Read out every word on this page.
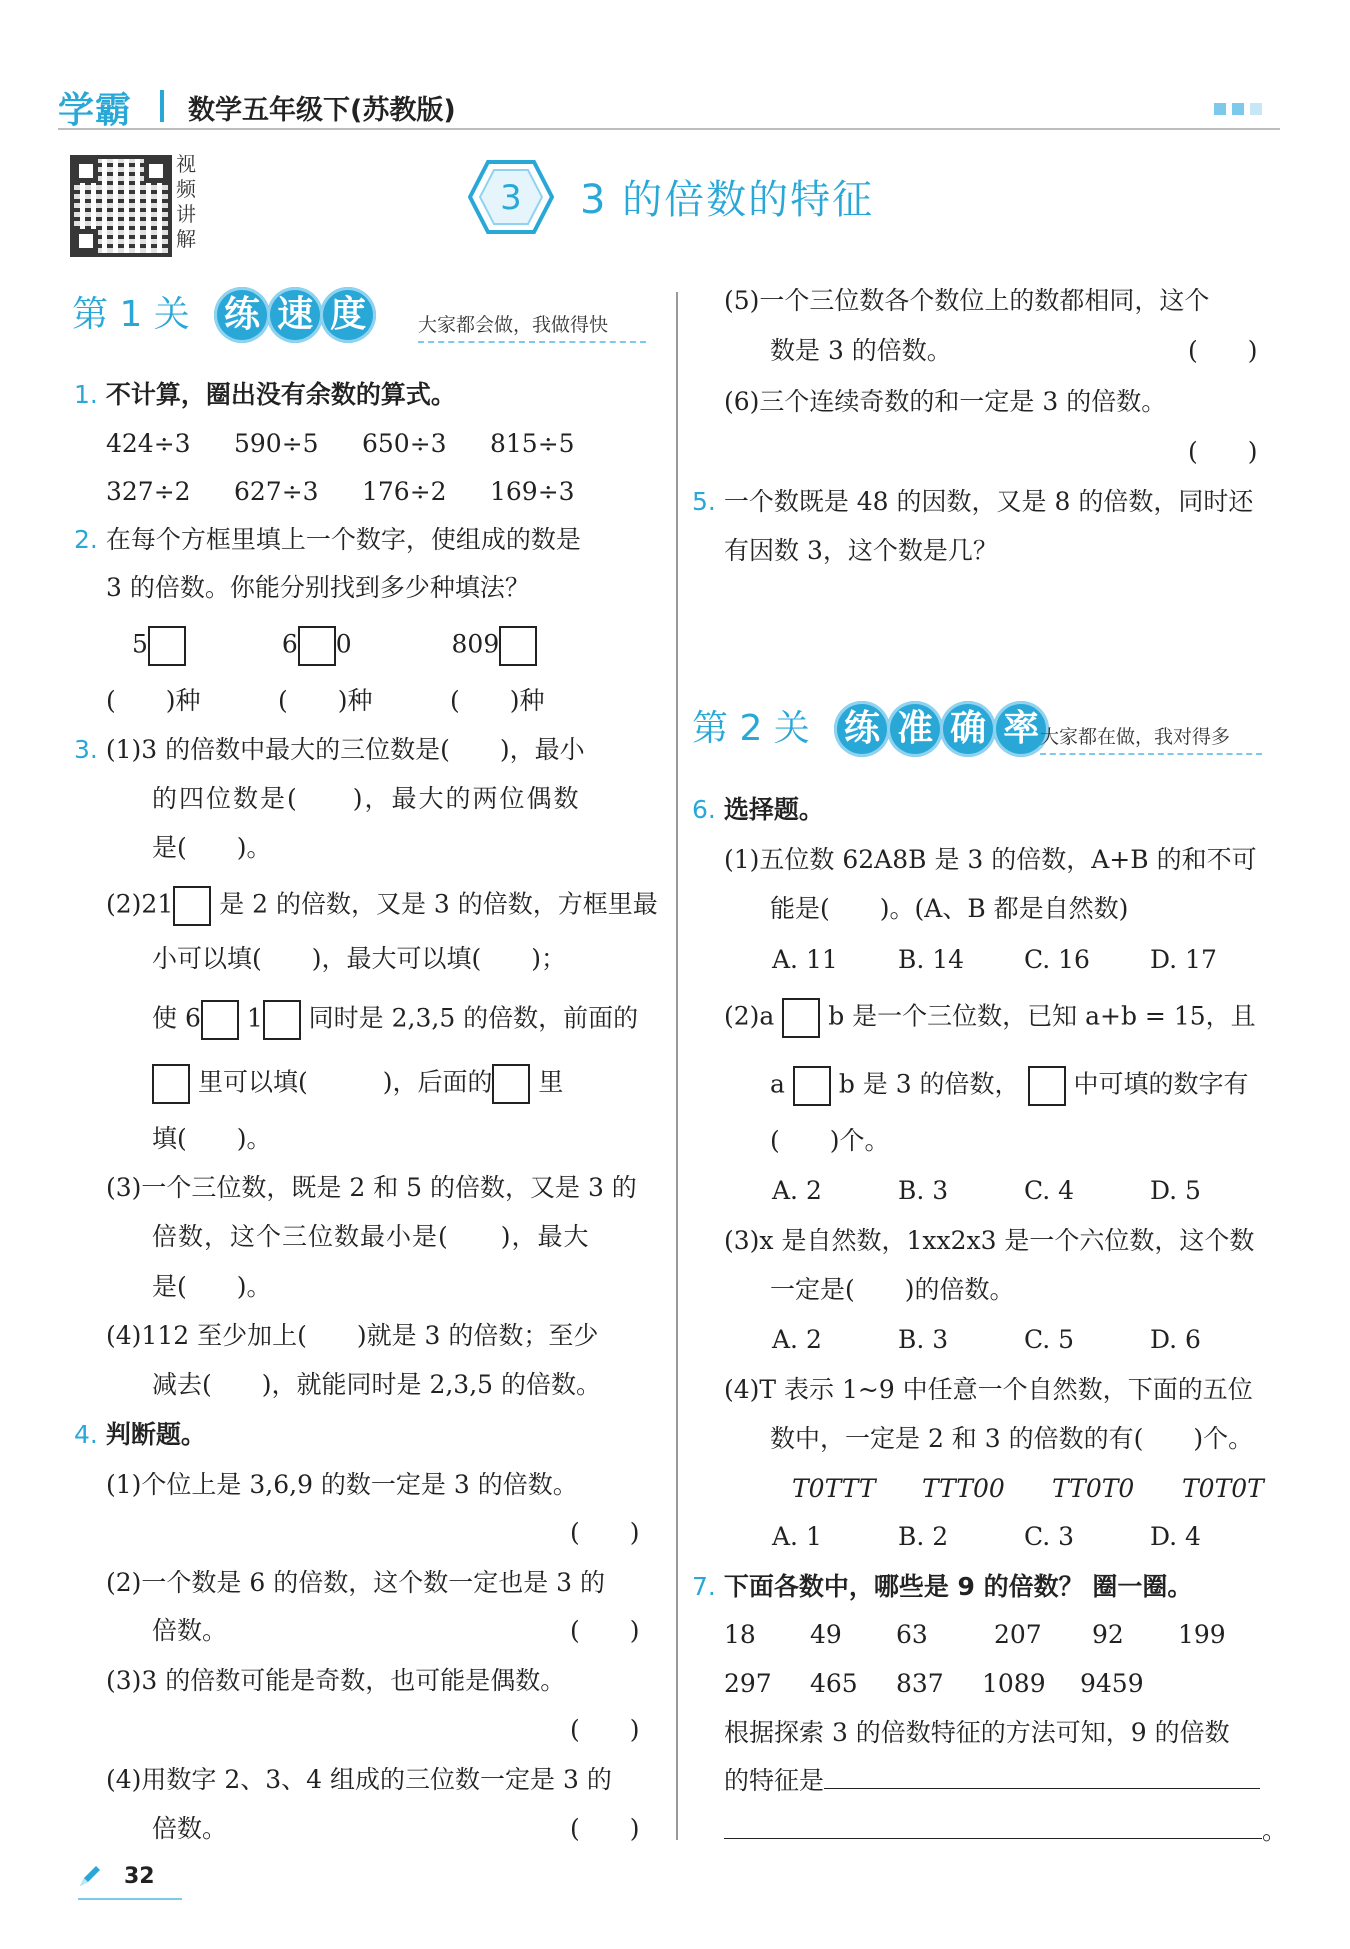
学霸 数学五年级下(苏教版)
视频讲解
3 3 的倍数的特征
第 1 关 练 速 度	大家都会做，我做得快
1. 不计算，圈出没有余数的算式。
424÷3 590÷5 650÷3 815÷5
327÷2 627÷3 176÷2 169÷3
2. 在每个方框里填上一个数字，使组成的数是
3 的倍数。你能分别找到多少种填法？
5	6 0	809
(　　)种	(　　)种	(　　)种
3. (1)3 的倍数中最大的三位数是(　　)，最小
的四位数是(　　)，最大的两位偶数
是(　　)。
(2)21 是 2 的倍数，又是 3 的倍数，方框里最
小可以填(　　)，最大可以填(　　)；
使 6 1 同时是 2,3,5 的倍数，前面的
里可以填(　　　)，后面的 里
填(　　)。
(3)一个三位数，既是 2 和 5 的倍数，又是 3 的
倍数，这个三位数最小是(　　)，最大
是(　　)。
(4)112 至少加上(　　)就是 3 的倍数；至少
减去(　　)，就能同时是 2,3,5 的倍数。
4. 判断题。
(1)个位上是 3,6,9 的数一定是 3 的倍数。
(　　)
(2)一个数是 6 的倍数，这个数一定也是 3 的
倍数。	(　　)
(3)3 的倍数可能是奇数，也可能是偶数。
(　　)
(4)用数字 2、3、4 组成的三位数一定是 3 的
倍数。	(　　)
(5)一个三位数各个数位上的数都相同，这个
数是 3 的倍数。	(　　)
(6)三个连续奇数的和一定是 3 的倍数。
(　　)
5. 一个数既是 48 的因数，又是 8 的倍数，同时还
有因数 3，这个数是几？
第 2 关 练 准 确 率 大家都在做，我对得多
6. 选择题。
(1)五位数 62A8B 是 3 的倍数，A+B 的和不可
能是(　　)。(A、B 都是自然数)
A. 11 B. 14 C. 16 D. 17
(2)a b 是一个三位数，已知 a+b = 15，且
a b 是 3 的倍数， 中可填的数字有
(　　)个。
A. 2	B. 3	C. 4	D. 5
(3)x 是自然数，1xx2x3 是一个六位数，这个数
一定是(　　)的倍数。
A. 2	B. 3	C. 5	D. 6
(4)T 表示 1~9 中任意一个自然数，下面的五位
数中，一定是 2 和 3 的倍数的有(　　)个。
T0TTT TTT00 TT0T0 T0T0T
A. 1	B. 2	C. 3	D. 4
7. 下面各数中，哪些是 9 的倍数？ 圈一圈。
18 49 63	207 92 199
297 465 837 1089 9459
根据探索 3 的倍数特征的方法可知，9 的倍数
的特征是
。
32
